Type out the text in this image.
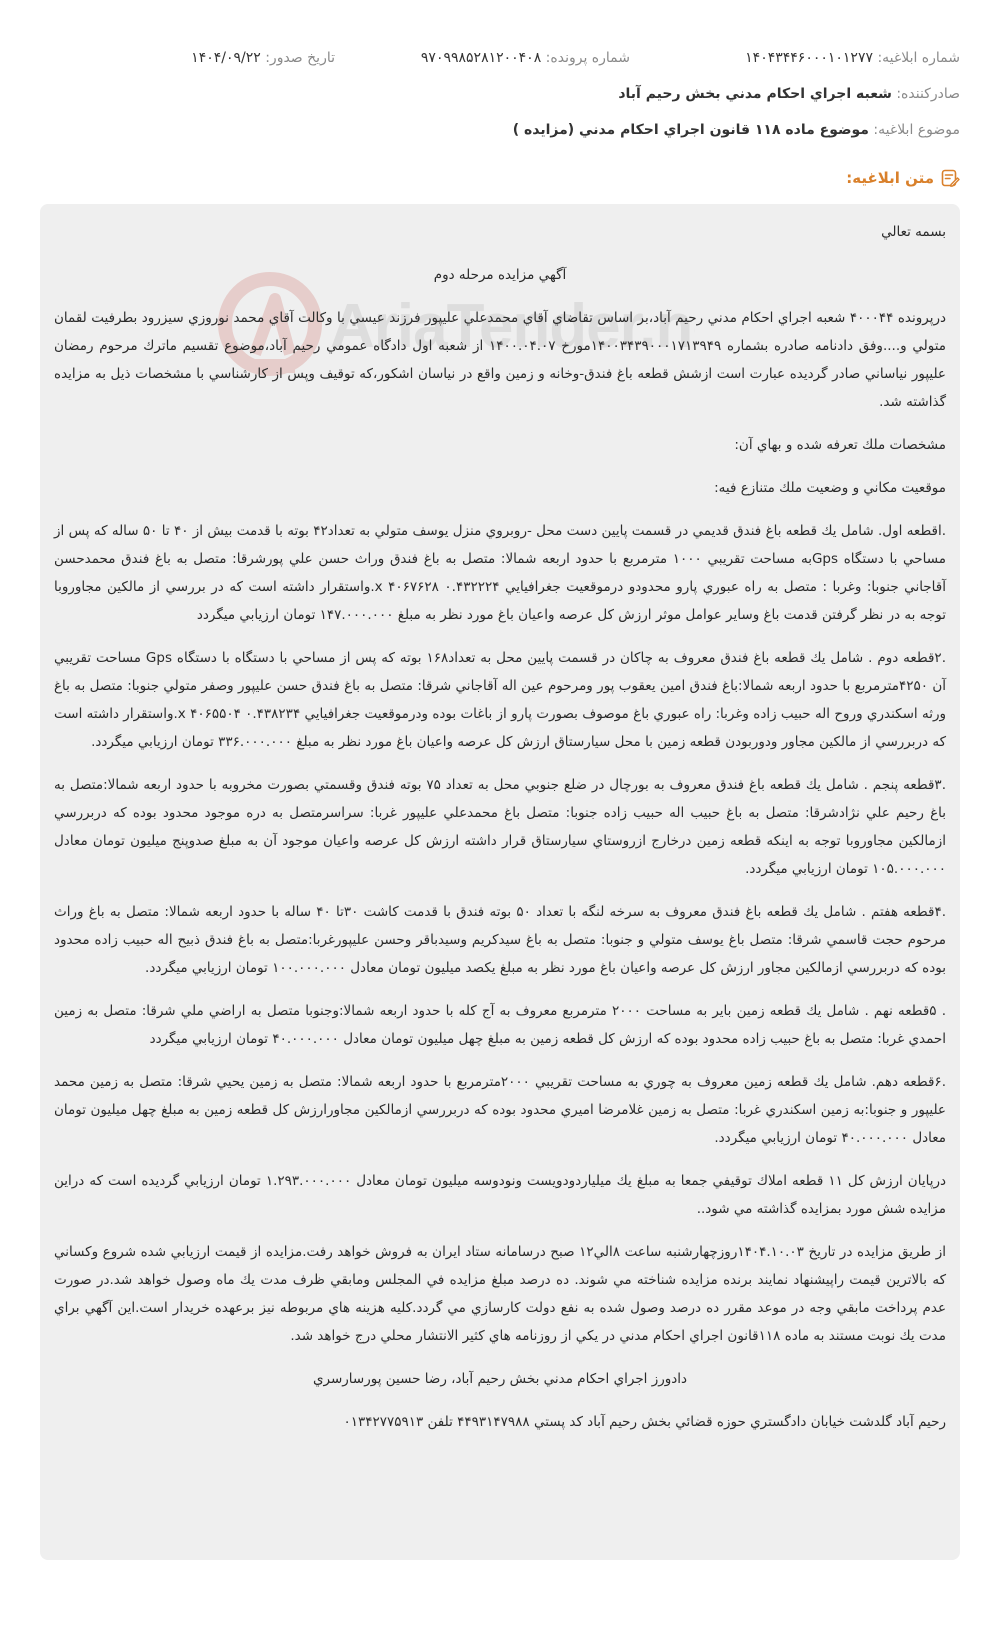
شماره ابلاغیه: ۱۴۰۴۳۴۴۶۰۰۰۱۰۱۲۷۷
شماره پرونده: ۹۷۰۹۹۸۵۲۸۱۲۰۰۴۰۸
تاریخ صدور: ۱۴۰۴/۰۹/۲۲
صادرکننده: شعبه اجراي احكام مدني بخش رحيم آباد
موضوع ابلاغیه: موضوع ماده ۱۱۸ قانون اجراي احكام مدني (مزايده )
متن ابلاغیه:
AriaTender.n

بسمه تعالي

آگهي مزايده مرحله دوم

درپرونده ۴۰۰۰۴۴ شعبه اجراي احكام مدني رحيم آباد،بر اساس تقاضاي آقاي محمدعلي عليپور فرزند عيسي با وكالت آقاي محمد نوروزي سيزرود بطرفيت لقمان متولي و....وفق دادنامه صادره بشماره ۱۴۰۰۳۴۳۹۰۰۰۱۷۱۳۹۴۹مورخ ۱۴۰۰.۰۴.۰۷ از شعبه اول دادگاه عمومي رحيم آباد،موضوع تقسيم ماترك مرحوم رمضان عليپور نياساني صادر گرديده عبارت است ازشش قطعه باغ فندق-وخانه و زمين واقع در نياسان اشكور،كه توقيف وپس از كارشناسي با مشخصات ذيل به مزايده گذاشته شد.

مشخصات ملك تعرفه شده و بهاي آن:

موقعيت مكاني و وضعيت ملك متنازع فيه:

.اقطعه اول. شامل يك قطعه باغ فندق قديمي در قسمت پايين دست محل -روبروي منزل يوسف متولي به تعداد۴۲ بوته با قدمت بيش از ۴۰ تا ۵۰ ساله كه پس از مساحي با دستگاه Gpsبه مساحت تقريبي ۱۰۰۰ مترمربع با حدود اربعه شمالا: متصل به باغ فندق وراث حسن علي پورشرقا: متصل به باغ فندق محمدحسن آقاجاني جنوبا: وغربا : متصل به راه عبوري پارو محدودو درموقعيت جغرافيايي ۰.۴۳۲۲۲۴ x ۴۰۶۷۶۲۸.واستقرار داشته است كه در بررسي از مالكين مجاوروبا توجه به در نظر گرفتن قدمت باغ وساير عوامل موثر ارزش كل عرصه واعيان باغ مورد نظر به مبلغ ۱۴۷.۰۰۰.۰۰۰ تومان ارزيابي ميگردد

.۲قطعه دوم . شامل يك قطعه باغ فندق معروف به چاكان در قسمت پايين محل به تعداد۱۶۸ بوته كه پس از مساحي با دستگاه با دستگاه Gps مساحت تقريبي آن ۴۲۵۰مترمربع با حدود اربعه شمالا:باغ فندق امين يعقوب پور ومرحوم عين اله آقاجاني شرقا: متصل به باغ فندق حسن عليپور وصفر متولي جنوبا: متصل به باغ ورثه اسكندري وروح اله حبيب زاده وغربا: راه عبوري باغ موصوف بصورت پارو از باغات بوده ودرموقعيت جغرافيايي ۰.۴۳۸۲۳۴ x ۴۰۶۵۵۰۴.واستقرار داشته است كه دربررسي از مالكين مجاور ودوربودن قطعه زمين با محل سيارستاق ارزش كل عرصه واعيان باغ مورد نظر به مبلغ ۳۳۶.۰۰۰.۰۰۰ تومان ارزيابي ميگردد.

.۳قطعه پنجم . شامل يك قطعه باغ فندق معروف به بورچال در ضلع جنوبي محل به تعداد ۷۵ بوته فندق وقسمتي بصورت مخروبه با حدود اربعه شمالا:متصل به باغ رحيم علي نژادشرقا: متصل به باغ حبيب اله حبيب زاده جنوبا: متصل باغ محمدعلي عليپور غربا: سراسرمتصل به دره موجود محدود بوده كه دربررسي ازمالكين مجاوروبا توجه به اينكه قطعه زمين درخارج ازروستاي سيارستاق قرار داشته ارزش كل عرصه واعيان موجود آن به مبلغ صدوپنج ميليون تومان معادل ۱۰۵.۰۰۰.۰۰۰ تومان ارزيابي ميگردد.

.۴قطعه هفتم . شامل يك قطعه باغ فندق معروف به سرخه لنگه با تعداد ۵۰ بوته فندق با قدمت كاشت ۳۰تا ۴۰ ساله با حدود اربعه شمالا: متصل به باغ وراث مرحوم حجت قاسمي شرقا: متصل باغ يوسف متولي و جنوبا: متصل به باغ سيدكريم وسيدباقر وحسن عليپورغربا:متصل به باغ فندق ذبيح اله حبيب زاده محدود بوده كه دربررسي ازمالكين مجاور ارزش كل عرصه واعيان باغ مورد نظر به مبلغ يكصد ميليون تومان معادل ۱۰۰.۰۰۰.۰۰۰ تومان ارزيابي ميگردد.

. ۵قطعه نهم . شامل يك قطعه زمين باير به مساحت ۲۰۰۰ مترمربع معروف به آج كله با حدود اربعه شمالا:وجنوبا متصل به اراضي ملي شرقا: متصل به زمين احمدي غربا: متصل به باغ حبيب زاده محدود بوده كه ارزش كل قطعه زمين به مبلغ چهل ميليون تومان معادل ۴۰.۰۰۰.۰۰۰ تومان ارزيابي ميگردد

.۶قطعه دهم. شامل يك قطعه زمين معروف به چوري به مساحت تقريبي ۲۰۰۰مترمربع با حدود اربعه شمالا: متصل به زمين يحيي شرقا: متصل به زمين محمد عليپور و جنوبا:به زمين اسكندري غربا: متصل به زمين غلامرضا اميري محدود بوده كه دربررسي ازمالكين مجاورارزش كل قطعه زمين به مبلغ چهل ميليون تومان معادل ۴۰.۰۰۰.۰۰۰ تومان ارزيابي ميگردد.

درپايان ارزش كل ۱۱ قطعه املاك توقيفي جمعا به مبلغ يك ميلياردودويست ونودوسه ميليون تومان معادل ۱.۲۹۳.۰۰۰.۰۰۰ تومان ارزيابي گرديده است كه دراين مزايده شش مورد بمزايده گذاشته مي شود..

از طريق مزايده در تاريخ ۱۴۰۴.۱۰.۰۳روزچهارشنبه ساعت ۸الي۱۲ صبح درسامانه ستاد ايران به فروش خواهد رفت.مزايده از قيمت ارزيابي شده شروع وكساني كه بالاترين قيمت راپيشنهاد نمايند برنده مزايده شناخته مي شوند. ده درصد مبلغ مزايده في المجلس ومابقي ظرف مدت يك ماه وصول خواهد شد.در صورت عدم پرداخت مابقي وجه در موعد مقرر ده درصد وصول شده به نفع دولت كارسازي مي گردد.كليه هزينه هاي مربوطه نيز برعهده خريدار است.اين آگهي براي مدت يك نوبت مستند به ماده ۱۱۸قانون اجراي احكام مدني در يكي از روزنامه هاي كثير الانتشار محلي درج خواهد شد.

دادورز اجراي احكام مدني بخش رحيم آباد، رضا حسين پورسارسري

رحيم آباد گلدشت خيابان دادگستري حوزه قضائي بخش رحيم آباد كد پستي ۴۴۹۳۱۴۷۹۸۸ تلفن ۰۱۳۴۲۷۷۵۹۱۳
